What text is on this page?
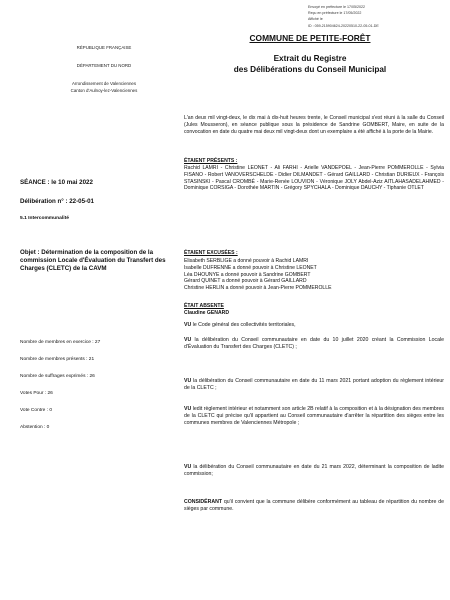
Envoyé en préfecture le 17/05/2022
Reçu en préfecture le 17/05/2022
Affiché le
ID : 059-215904624-20220510-22-05-01-DE
RÉPUBLIQUE FRANÇAISE
DÉPARTEMENT DU NORD
Arrondissement de Valenciennes
Canton d'Aulnoy-lez-Valenciennes
COMMUNE DE PETITE-FORÊT
Extrait du Registre
des Délibérations du Conseil Municipal
L'an deux mil vingt-deux, le dix mai à dix-huit heures trente, le Conseil municipal s'est réuni à la salle du Conseil (Jules Mousseron), en séance publique sous la présidence de Sandrine GOMBERT, Maire, en suite de la convocation en date du quatre mai deux mil vingt-deux dont un exemplaire a été affiché à la porte de la Mairie.
ÉTAIENT PRÉSENTS :
Rachid LAMRI - Christine LEONET - Ali FARHI - Arielle VANDEPOEL - Jean-Pierre POMMEROLLE - Sylvia FISANO - Robert VANOVERSCHELDE - Didier DILMANDET - Gérard GAILLARD - Christian DURIEUX - François STASINSKI - Pascal CROMBÉ - Marie-Renée LOUVION - Véronique JOLY Abdel-Aziz AITLAHASADELAHMED - Dominique CORSIGA - Dorothée MARTIN - Grégory SPYCHALA - Dominique DAUCHY - Tiphanie OTLET
ÉTAIENT EXCUSÉES :
Elisabeth SERBLIGE a donné pouvoir à Rachid LAMRI
Isabelle DUFRENNE a donné pouvoir à Christine LEONET
Léa DHOUNYE a donné pouvoir à Sandrine GOMBERT
Gérard QUINET a donné pouvoir à Gérard GAILLARD
Christine HERLIN a donné pouvoir à Jean-Pierre POMMEROLLE
ÉTAIT ABSENTE
Claudine GENARD
SÉANCE : le 10 mai 2022
Délibération n° : 22-05-01
5.1 Intercommunalité
Objet : Détermination de la composition de la commission Locale d'Évaluation du Transfert des Charges (CLETC) de la CAVM
Nombre de membres en exercice : 27
Nombre de membres présents : 21
Nombre de suffrages exprimés : 26
Votes Pour : 26
Vote Contre : 0
Abstention : 0
VU le Code général des collectivités territoriales,
VU la délibération du Conseil communautaire en date du 10 juillet 2020 créant la Commission Locale d'Évaluation du Transfert des Charges (CLETC) ;
VU la délibération du Conseil communautaire en date du 11 mars 2021 portant adoption du règlement intérieur de la CLETC ;
VU ledit règlement intérieur et notamment son article 2B relatif à la composition et à la désignation des membres de la CLETC qui précise qu'il appartient au Conseil communautaire d'arrêter la répartition des sièges entre les communes membres de Valenciennes Métropole ;
VU la délibération du Conseil communautaire en date du 21 mars 2022, déterminant la composition de ladite commission;
CONSIDÉRANT qu'il convient que la commune délibère conformément au tableau de répartition du nombre de sièges par commune.
